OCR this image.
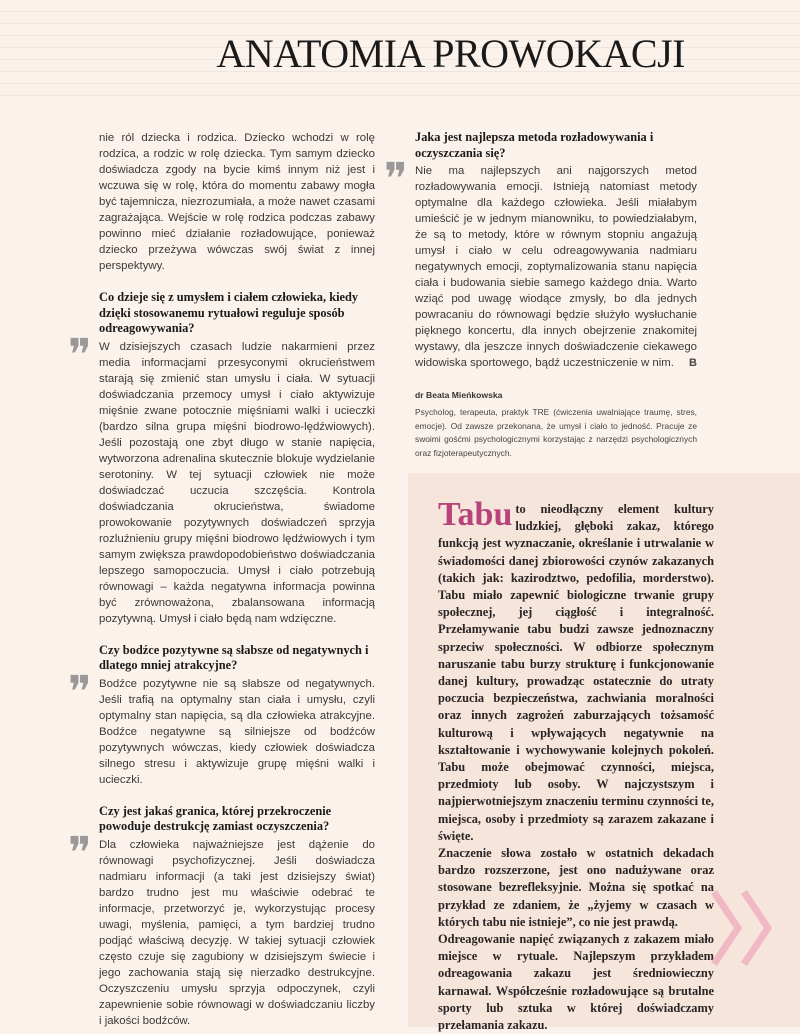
ANATOMIA PROWOKACJI

nie ról dziecka i rodzica. Dziecko wchodzi w rolę rodzica, a rodzic w rolę dziecka. Tym samym dziecko doświadcza zgody na bycie kimś innym niż jest i wczuwa się w rolę, która do momentu zabawy mogła być tajemnicza, niezrozumiała, a może nawet czasami zagrażająca. Wejście w rolę rodzica podczas zabawy powinno mieć działanie rozładowujące, ponieważ dziecko przeżywa wówczas swój świat z innej perspektywy.

Co dzieje się z umysłem i ciałem człowieka, kiedy dzięki stosowanemu rytuałowi reguluje sposób odreagowywania?
❞ W dzisiejszych czasach ludzie nakarmieni przez media informacjami przesyconymi okrucieństwem starają się zmienić stan umysłu i ciała. W sytuacji doświadczania przemocy umysł i ciało aktywizuje mięśnie zwane potocznie mięśniami walki i ucieczki (bardzo silna grupa mięśni biodrowo-lędźwiowych). Jeśli pozostają one zbyt długo w stanie napięcia, wytworzona adrenalina skutecznie blokuje wydzielanie serotoniny. W tej sytuacji człowiek nie może doświadczać uczucia szczęścia. Kontrola doświadczania okrucieństwa, świadome prowokowanie pozytywnych doświadczeń sprzyja rozluźnieniu grupy mięśni biodrowo lędźwiowych i tym samym zwiększa prawdopodobieństwo doświadczania lepszego samopoczucia. Umysł i ciało potrzebują równowagi – każda negatywna informacja powinna być zrównoważona, zbalansowana informacją pozytywną. Umysł i ciało będą nam wdzięczne.

Czy bodźce pozytywne są słabsze od negatywnych i dlatego mniej atrakcyjne?
❞ Bodźce pozytywne nie są słabsze od negatywnych. Jeśli trafią na optymalny stan ciała i umysłu, czyli optymalny stan napięcia, są dla człowieka atrakcyjne. Bodźce negatywne są silniejsze od bodźców pozytywnych wówczas, kiedy człowiek doświadcza silnego stresu i aktywizuje grupę mięśni walki i ucieczki.

Czy jest jakaś granica, której przekroczenie powoduje destrukcję zamiast oczyszczenia?
❞ Dla człowieka najważniejsze jest dążenie do równowagi psychofizycznej. Jeśli doświadcza nadmiaru informacji (a taki jest dzisiejszy świat) bardzo trudno jest mu właściwie odebrać te informacje, przetworzyć je, wykorzystując procesy uwagi, myślenia, pamięci, a tym bardziej trudno podjąć właściwą decyzję. W takiej sytuacji człowiek często czuje się zagubiony w dzisiejszym świecie i jego zachowania stają się nierzadko destrukcyjne. Oczyszczeniu umysłu sprzyja odpoczynek, czyli zapewnienie sobie równowagi w doświadczaniu liczby i jakości bodźców.

Jaka jest najlepsza metoda rozładowywania i oczyszczania się?
❞ Nie ma najlepszych ani najgorszych metod rozładowywania emocji. Istnieją natomiast metody optymalne dla każdego człowieka. Jeśli miałabym umieścić je w jednym mianowniku, to powiedziałabym, że są to metody, które w równym stopniu angażują umysł i ciało w celu odreagowywania nadmiaru negatywnych emocji, zoptymalizowania stanu napięcia ciała i budowania siebie samego każdego dnia. Warto wziąć pod uwagę wiodące zmysły, bo dla jednych powracaniu do równowagi będzie służyło wysłuchanie pięknego koncertu, dla innych obejrzenie znakomitej wystawy, dla jeszcze innych doświadczenie ciekawego widowiska sportowego, bądź uczestniczenie w nim. B

dr Beata Mieńkowska

Psycholog, terapeuta, praktyk TRE (ćwiczenia uwalniające traumę, stres, emocje). Od zawsze przekonana, że umysł i ciało to jedność. Pracuje ze swoimi gośćmi psychologicznymi korzystając z narzędzi psychologicznych oraz fizjoterapeutycznych.

Tabu to nieodłączny element kultury ludzkiej, głęboki zakaz, którego funkcją jest wyznaczanie, określanie i utrwalanie w świadomości danej zbiorowości czynów zakazanych (takich jak: kazirodztwo, pedofilia, morderstwo). Tabu miało zapewnić biologiczne trwanie grupy społecznej, jej ciągłość i integralność. Przełamywanie tabu budzi zawsze jednoznaczny sprzeciw społeczności. W odbiorze społecznym naruszanie tabu burzy strukturę i funkcjonowanie danej kultury, prowadząc ostatecznie do utraty poczucia bezpieczeństwa, zachwiania moralności oraz innych zagrożeń zaburzających tożsamość kulturową i wpływających negatywnie na kształtowanie i wychowywanie kolejnych pokoleń. Tabu może obejmować czynności, miejsca, przedmioty lub osoby. W najczystszym i najpierwotniejszym znaczeniu terminu czynności te, miejsca, osoby i przedmioty są zarazem zakazane i święte.

Znaczenie słowa zostało w ostatnich dekadach bardzo rozszerzone, jest ono nadużywane oraz stosowane bezrefleksyjnie. Można się spotkać na przykład ze zdaniem, że „żyjemy w czasach w których tabu nie istnieje”, co nie jest prawdą.

Odreagowanie napięć związanych z zakazem miało miejsce w rytuale. Najlepszym przykładem odreagowania zakazu jest średniowieczny karnawał. Współcześnie rozładowujące są brutalne sporty lub sztuka w której doświadczamy przełamania zakazu.
